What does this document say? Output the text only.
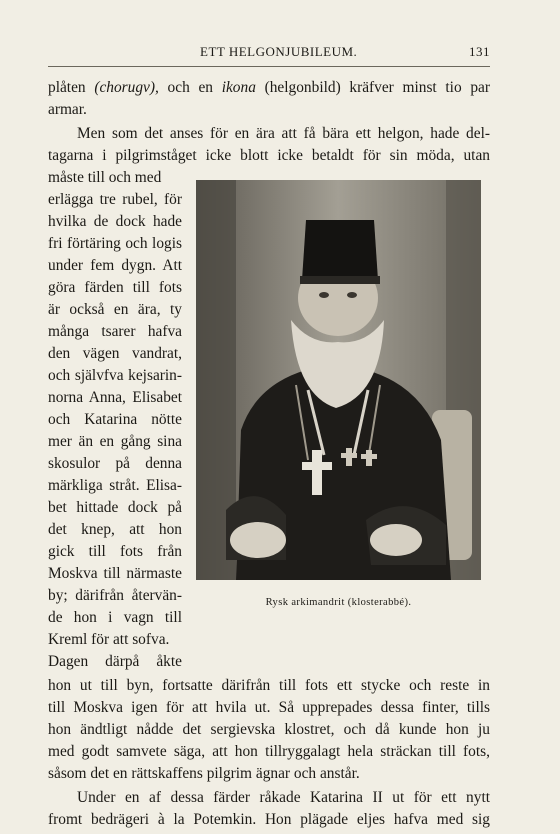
ETT HELGONJUBILEUM.	131
plåten (chorugv), och en ikona (helgonbild) kräfver minst tio par
armar.
Men som det anses för en ära att få bära ett helgon, hade del-
tagarna i pilgrimståget icke blott icke betaldt för sin möda, utan
måste till och med
erlägga tre rubel, för
hvilka de dock hade
fri förtäring och logis
under fem dygn. Att
göra färden till fots
är också en ära, ty
många tsarer hafva
den vägen vandrat,
och självfva kejsarin-
norna Anna, Elisabet
och Katarina nötte
mer än en gång sina
skosulor på denna
märkliga stråt. Elisa-
bet hittade dock på
det knep, att hon
gick till fots från
Moskva till närmaste
by; därifrån återvän-
de hon i vagn till
Kreml för att sofva.
Dagen därpå åkte
hon ut till byn, fortsatte därifrån till fots ett stycke och reste in
till Moskva igen för att hvila ut. Så upprepades dessa finter, tills
hon ändtligt nådde det sergievska klostret, och då kunde hon ju
med godt samvete säga, att hon tillryggalagt hela sträckan till fots,
såsom det en rättskaffens pilgrim ägnar och anstår.
Under en af dessa färder råkade Katarina II ut för ett nytt
fromt bedrägeri à la Potemkin. Hon plägade eljes hafva med sig
Rysk arkimandrit (klosterabbé).
